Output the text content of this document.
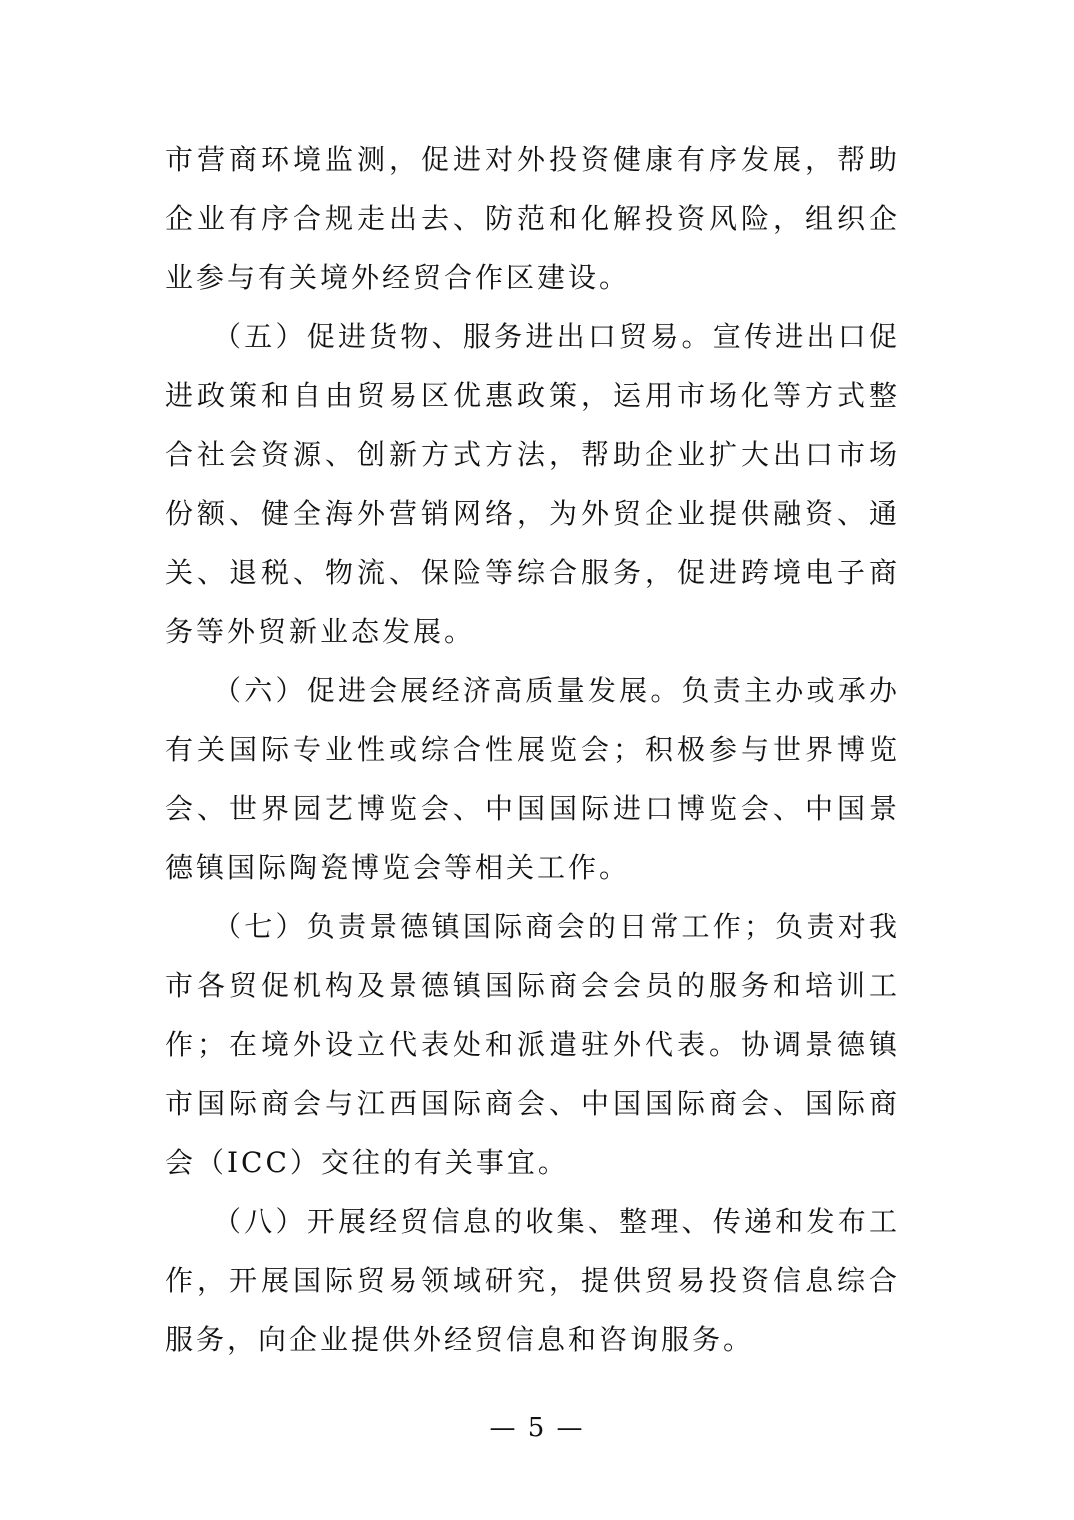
市营商环境监测，促进对外投资健康有序发展，帮助企业有序合规走出去、防范和化解投资风险，组织企业参与有关境外经贸合作区建设。

（五）促进货物、服务进出口贸易。宣传进出口促进政策和自由贸易区优惠政策，运用市场化等方式整合社会资源、创新方式方法，帮助企业扩大出口市场份额、健全海外营销网络，为外贸企业提供融资、通关、退税、物流、保险等综合服务，促进跨境电子商务等外贸新业态发展。

（六）促进会展经济高质量发展。负责主办或承办有关国际专业性或综合性展览会；积极参与世界博览会、世界园艺博览会、中国国际进口博览会、中国景德镇国际陶瓷博览会等相关工作。

（七）负责景德镇国际商会的日常工作；负责对我市各贸促机构及景德镇国际商会会员的服务和培训工作；在境外设立代表处和派遣驻外代表。协调景德镇市国际商会与江西国际商会、中国国际商会、国际商会（ICC）交往的有关事宜。

（八）开展经贸信息的收集、整理、传递和发布工作，开展国际贸易领域研究，提供贸易投资信息综合服务，向企业提供外经贸信息和咨询服务。

— 5 —
